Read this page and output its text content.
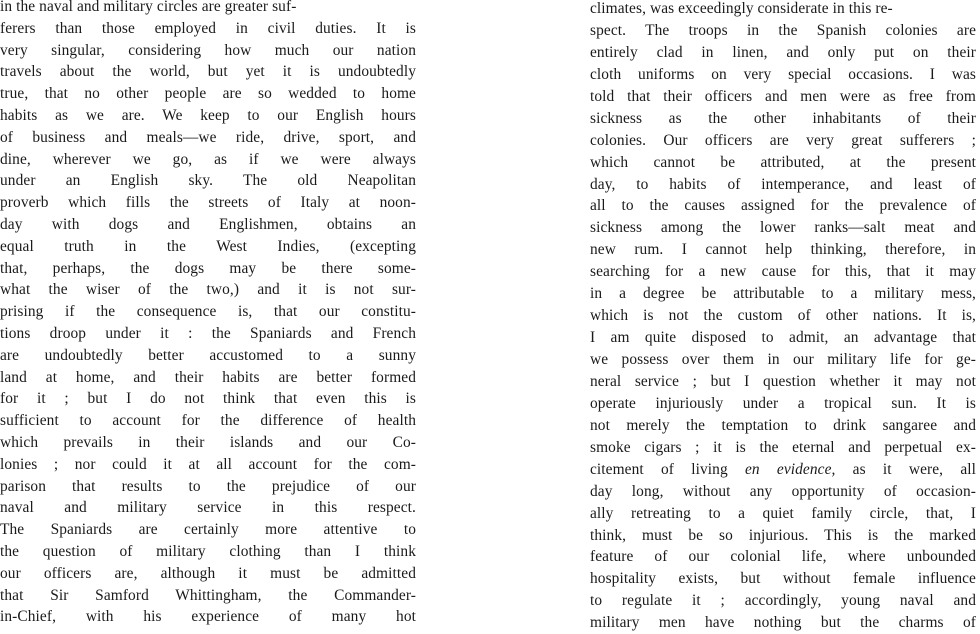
in the naval and military circles are greater suf-
ferers than those employed in civil duties. It is
very singular, considering how much our nation
travels about the world, but yet it is undoubtedly
true, that no other people are so wedded to home
habits as we are. We keep to our English hours
of business and meals—we ride, drive, sport, and
dine, wherever we go, as if we were always
under an English sky. The old Neapolitan
proverb which fills the streets of Italy at noon-
day with dogs and Englishmen, obtains an
equal truth in the West Indies, (excepting
that, perhaps, the dogs may be there some-
what the wiser of the two,) and it is not sur-
prising if the consequence is, that our constitu-
tions droop under it : the Spaniards and French
are undoubtedly better accustomed to a sunny
land at home, and their habits are better formed
for it ; but I do not think that even this is
sufficient to account for the difference of health
which prevails in their islands and our Co-
lonies ; nor could it at all account for the com-
parison that results to the prejudice of our
naval and military service in this respect.
The Spaniards are certainly more attentive to
the question of military clothing than I think
our officers are, although it must be admitted
that Sir Samford Whittingham, the Commander-
in-Chief, with his experience of many hot
climates, was exceedingly considerate in this re-
spect. The troops in the Spanish colonies are
entirely clad in linen, and only put on their
cloth uniforms on very special occasions. I was
told that their officers and men were as free from
sickness as the other inhabitants of their
colonies. Our officers are very great sufferers ;
which cannot be attributed, at the present
day, to habits of intemperance, and least of
all to the causes assigned for the prevalence of
sickness among the lower ranks—salt meat and
new rum. I cannot help thinking, therefore, in
searching for a new cause for this, that it may
in a degree be attributable to a military mess,
which is not the custom of other nations. It is,
I am quite disposed to admit, an advantage that
we possess over them in our military life for ge-
neral service ; but I question whether it may not
operate injuriously under a tropical sun. It is
not merely the temptation to drink sangaree and
smoke cigars ; it is the eternal and perpetual ex-
citement of living en evidence, as it were, all
day long, without any opportunity of occasion-
ally retreating to a quiet family circle, that, I
think, must be so injurious. This is the marked
feature of our colonial life, where unbounded
hospitality exists, but without female influence
to regulate it ; accordingly, young naval and
military men have nothing but the charms of
